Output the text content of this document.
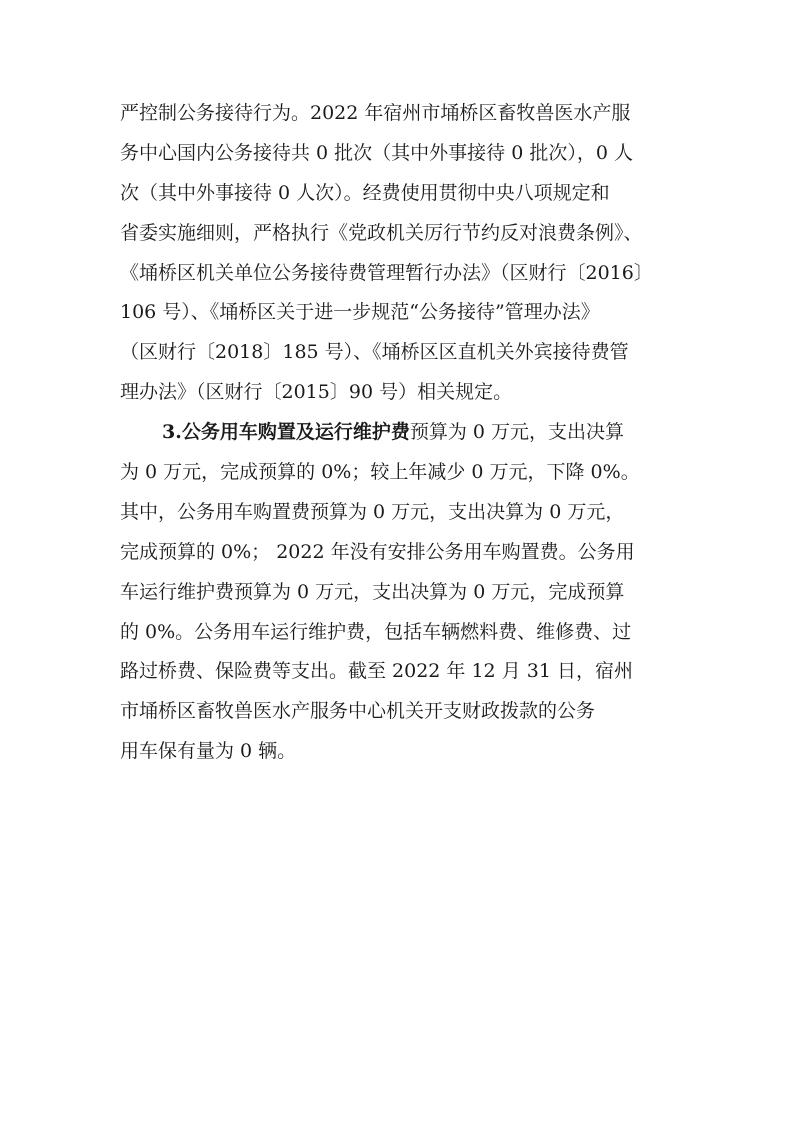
严控制公务接待行为。2022 年宿州市埇桥区畜牧兽医水产服
务中心国内公务接待共 0 批次（其中外事接待 0 批次），0 人
次（其中外事接待 0 人次）。经费使用贯彻中央八项规定和
省委实施细则，严格执行《党政机关厉行节约反对浪费条例》、
《埇桥区机关单位公务接待费管理暂行办法》（区财行〔2016〕
106 号）、《埇桥区关于进一步规范“公务接待”管理办法》
（区财行〔2018〕185 号）、《埇桥区区直机关外宾接待费管
理办法》（区财行〔2015〕90 号）相关规定。
3.公务用车购置及运行维护费预算为 0 万元，支出决算
为 0 万元，完成预算的 0%；较上年减少 0 万元，下降 0%。
其中，公务用车购置费预算为 0 万元，支出决算为 0 万元，
完成预算的 0%； 2022 年没有安排公务用车购置费。公务用
车运行维护费预算为 0 万元，支出决算为 0 万元，完成预算
的 0%。公务用车运行维护费，包括车辆燃料费、维修费、过
路过桥费、保险费等支出。截至 2022 年 12 月 31 日，宿州
市埇桥区畜牧兽医水产服务中心机关开支财政拨款的公务
用车保有量为 0 辆。
